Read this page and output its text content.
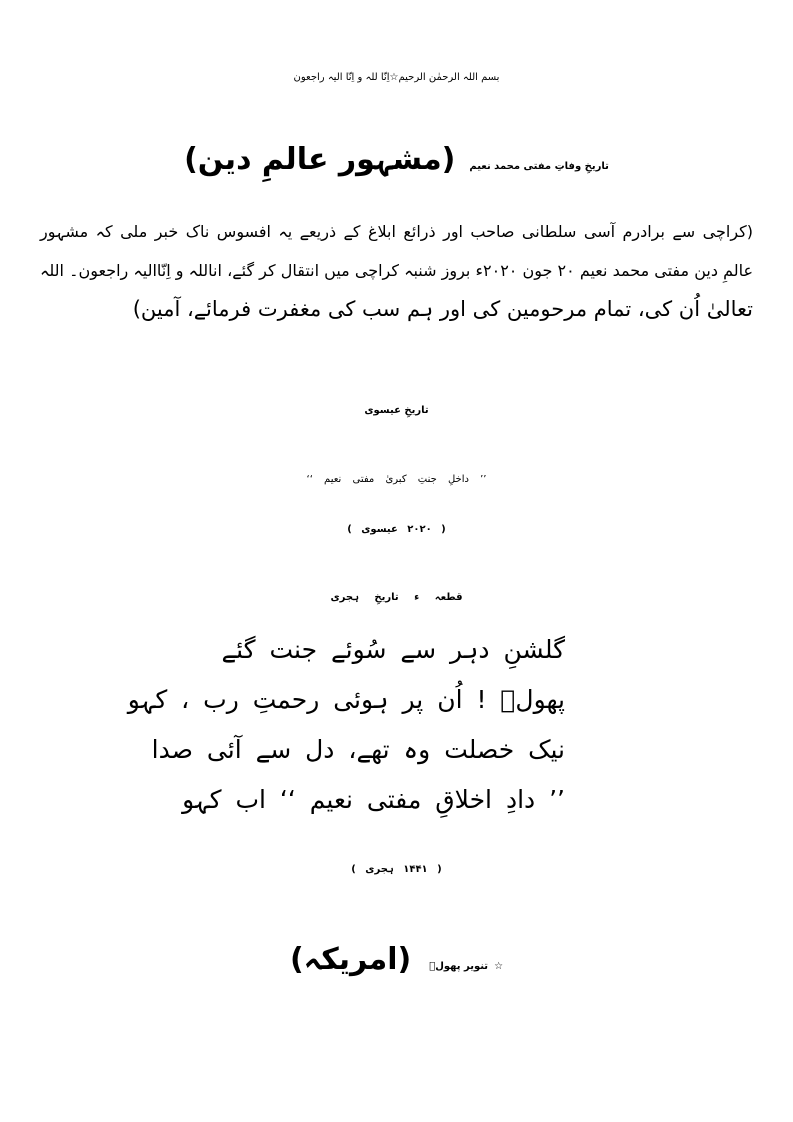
بسم اللہ الرحمٰن الرحیم☆اِنّا للہ و اِنّا الیہ راجعون
تاریخِ وفاتِ مفتی محمد نعیم(مشہور عالمِ دین)
(کراچی سے برادرم آسی سلطانی صاحب اور ذرائع ابلاغ کے ذریعے یہ افسوس ناک خبر ملی کہ مشہور
عالمِ دین مفتی محمد نعیم ۲۰ جون ۲۰۲۰ء بروز شنبہ کراچی میں انتقال کر گئے، اناللہ و اِنّاالیہ راجعون۔ اللہ
تعالیٰ اُن کی، تمام مرحومین کی اور ہم سب کی مغفرت فرمائے، آمین)
تاریخِ عیسوی
’’ داخلِ جنتِ کبریٰ مفتی نعیم ‘‘
( ۲۰۲۰ عیسوی )
قطعہ ء تاریخِ ہجری
گلشنِ دہر سے سُوئے جنت گئے
پھولؔ ! اُن پر ہوئی رحمتِ رب ، کہو
نیک خصلت وہ تھے، دل سے آئی صدا
’’ دادِ اخلاقِ مفتی نعیم ‘‘ اب کہو
( ۱۴۴۱ ہجری )
☆تنویر پھولؔ(امریکہ)
